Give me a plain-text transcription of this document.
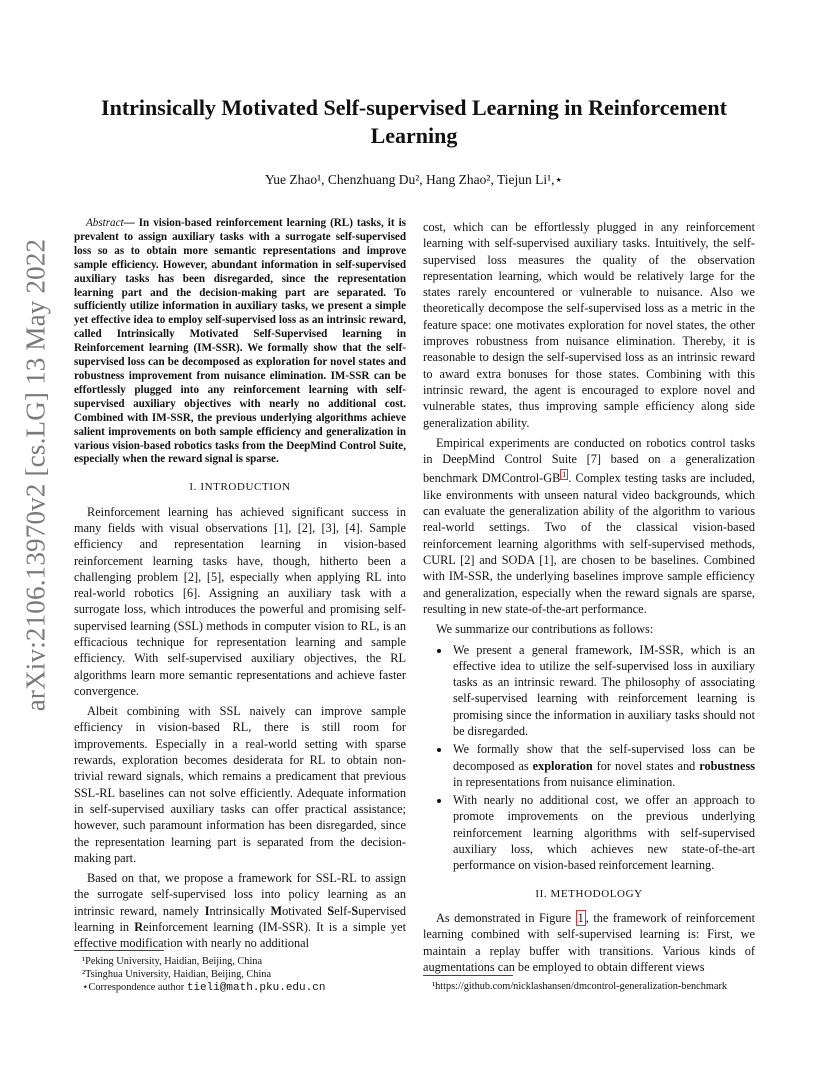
arXiv:2106.13970v2 [cs.LG] 13 May 2022
Intrinsically Motivated Self-supervised Learning in Reinforcement Learning
Yue Zhao¹, Chenzhuang Du², Hang Zhao², Tiejun Li¹,⋆

Abstract— In vision-based reinforcement learning (RL) tasks, it is prevalent to assign auxiliary tasks with a surrogate self-supervised loss so as to obtain more semantic representations and improve sample efficiency. However, abundant information in self-supervised auxiliary tasks has been disregarded, since the representation learning part and the decision-making part are separated. To sufficiently utilize information in auxiliary tasks, we present a simple yet effective idea to employ self-supervised loss as an intrinsic reward, called Intrinsically Motivated Self-Supervised learning in Reinforcement learning (IM-SSR). We formally show that the self-supervised loss can be decomposed as exploration for novel states and robustness improvement from nuisance elimination. IM-SSR can be effortlessly plugged into any reinforcement learning with self-supervised auxiliary objectives with nearly no additional cost. Combined with IM-SSR, the previous underlying algorithms achieve salient improvements on both sample efficiency and generalization in various vision-based robotics tasks from the DeepMind Control Suite, especially when the reward signal is sparse.

I. INTRODUCTION

Reinforcement learning has achieved significant success in many fields with visual observations [1], [2], [3], [4]. Sample efficiency and representation learning in vision-based reinforcement learning tasks have, though, hitherto been a challenging problem [2], [5], especially when applying RL into real-world robotics [6]. Assigning an auxiliary task with a surrogate loss, which introduces the powerful and promising self-supervised learning (SSL) methods in computer vision to RL, is an efficacious technique for representation learning and sample efficiency. With self-supervised auxiliary objectives, the RL algorithms learn more semantic representations and achieve faster convergence.

Albeit combining with SSL naively can improve sample efficiency in vision-based RL, there is still room for improvements. Especially in a real-world setting with sparse rewards, exploration becomes desiderata for RL to obtain non-trivial reward signals, which remains a predicament that previous SSL-RL baselines can not solve efficiently. Adequate information in self-supervised auxiliary tasks can offer practical assistance; however, such paramount information has been disregarded, since the representation learning part is separated from the decision-making part.

Based on that, we propose a framework for SSL-RL to assign the surrogate self-supervised loss into policy learning as an intrinsic reward, namely Intrinsically Motivated Self-Supervised learning in Reinforcement learning (IM-SSR). It is a simple yet effective modification with nearly no additional

¹Peking University, Haidian, Beijing, China
²Tsinghua University, Haidian, Beijing, China
⋆Correspondence author tieli@math.pku.edu.cn

cost, which can be effortlessly plugged in any reinforcement learning with self-supervised auxiliary tasks. Intuitively, the self-supervised loss measures the quality of the observation representation learning, which would be relatively large for the states rarely encountered or vulnerable to nuisance. Also we theoretically decompose the self-supervised loss as a metric in the feature space: one motivates exploration for novel states, the other improves robustness from nuisance elimination. Thereby, it is reasonable to design the self-supervised loss as an intrinsic reward to award extra bonuses for those states. Combining with this intrinsic reward, the agent is encouraged to explore novel and vulnerable states, thus improving sample efficiency along side generalization ability.

Empirical experiments are conducted on robotics control tasks in DeepMind Control Suite [7] based on a generalization benchmark DMControl-GB $^1$ . Complex testing tasks are included, like environments with unseen natural video backgrounds, which can evaluate the generalization ability of the algorithm to various real-world settings. Two of the classical vision-based reinforcement learning algorithms with self-supervised methods, CURL [2] and SODA [1], are chosen to be baselines. Combined with IM-SSR, the underlying baselines improve sample efficiency and generalization, especially when the reward signals are sparse, resulting in new state-of-the-art performance.

We summarize our contributions as follows:

• We present a general framework, IM-SSR, which is an effective idea to utilize the self-supervised loss in auxiliary tasks as an intrinsic reward. The philosophy of associating self-supervised learning with reinforcement learning is promising since the information in auxiliary tasks should not be disregarded.
• We formally show that the self-supervised loss can be decomposed as exploration for novel states and robustness in representations from nuisance elimination.
• With nearly no additional cost, we offer an approach to promote improvements on the previous underlying reinforcement learning algorithms with self-supervised auxiliary loss, which achieves new state-of-the-art performance on vision-based reinforcement learning.
II. METHODOLOGY

As demonstrated in Figure 1 , the framework of reinforcement learning combined with self-supervised learning is: First, we maintain a replay buffer with transitions. Various kinds of augmentations can be employed to obtain different views

¹https://github.com/nicklashansen/dmcontrol-generalization-benchmark
